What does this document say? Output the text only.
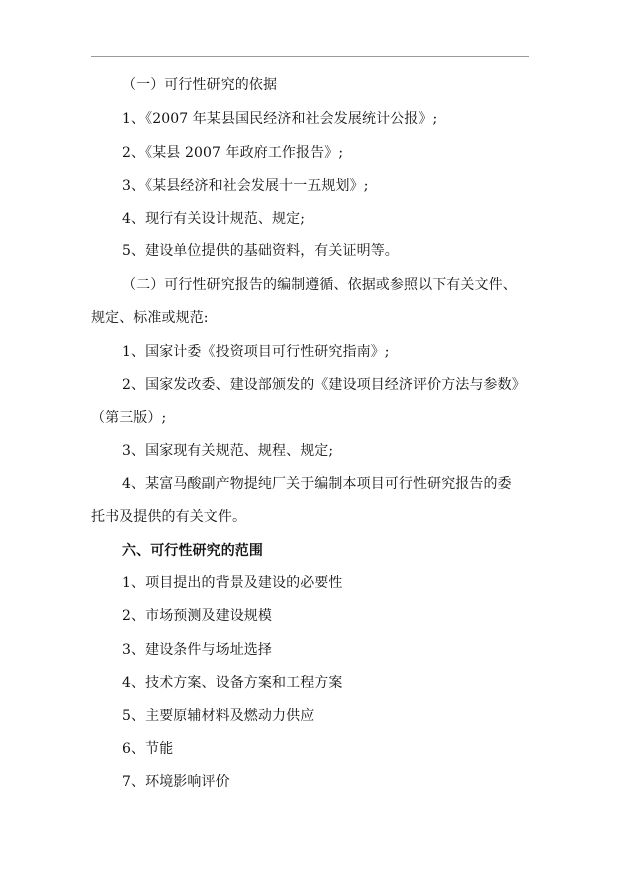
（一）可行性研究的依据
1、《2007 年某县国民经济和社会发展统计公报》;
2、《某县 2007 年政府工作报告》;
3、《某县经济和社会发展十一五规划》;
4、现行有关设计规范、规定;
5、建设单位提供的基础资料，有关证明等。
（二）可行性研究报告的编制遵循、依据或参照以下有关文件、
规定、标准或规范:
1、国家计委《投资项目可行性研究指南》;
2、国家发改委、建设部颁发的《建设项目经济评价方法与参数》
（第三版）;
3、国家现有关规范、规程、规定;
4、某富马酸副产物提纯厂关于编制本项目可行性研究报告的委
托书及提供的有关文件。
六、可行性研究的范围
1、项目提出的背景及建设的必要性
2、市场预测及建设规模
3、建设条件与场址选择
4、技术方案、设备方案和工程方案
5、主要原辅材料及燃动力供应
6、节能
7、环境影响评价
